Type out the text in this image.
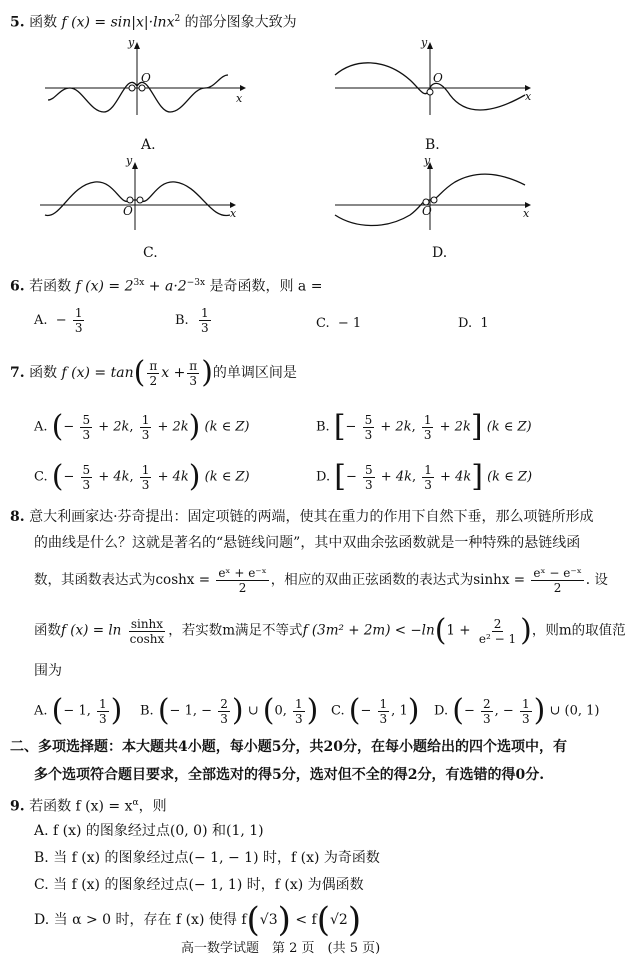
5. 函数 f (x) = sin|x|·lnx$^2$ 的部分图象大致为
y
O
x
A.
y
O
x
B.
y
O	x
C.
y
O	x
D.
6. 若函数 f $(x) = 2^{3x} + a\cdot 2^{-3x}$ 是奇函数，则 a =
A. − $\frac{1}{3}$	B. $\frac{1}{3}$	C. − 1	D. 1
7. 函数 f $(x) = \tan( \frac{\pi}{2}$ $x + \frac{\pi}{3}$ )的单调区间是
A. (− $\frac{5}{3} + 2k$, $\frac{1}{3} + 2k$) (k ∈ Z)	B. [− $\frac{5}{3} + 2k$, $\frac{1}{3} + 2k$] (k ∈ Z)
C. (− $\frac{5}{3} + 4k$, $\frac{1}{3} + 4k$) (k ∈ Z)	D. [− $\frac{5}{3} + 4k$, $\frac{1}{3} + 4k$] (k ∈ Z)
8. 意大利画家达·芬奇提出：固定项链的两端，使其在重力的作用下自然下垂，那么项链所形成
的曲线是什么？这就是著名的“悬链线问题”，其中双曲余弦函数就是一种特殊的悬链线函
数，其函数表达式为$\cosh x = \frac{\text{eˣ + e⁻ˣ}}{2}$ ，相应的双曲正弦函数的表达式为$\sinh x = \frac{\text{eˣ − e⁻ˣ}}{2}$ . 设
函数f $(x) = \ln \frac{\sinh x}{\cosh x}$ ，若实数m满足不等式f $(3m^2 + 2m) < -\ln(1 + \frac{2}{\text{e² − 1}}$ )，则m的取值范
围为
A. (− 1, $\frac{1}{3}$ ) B. (− 1, − $\frac{2}{3}$ ) ∪ (0, $\frac{1}{3}$ ) C. (− $\frac{1}{3}$ , 1) D. (− $\frac{2}{3}$ , − $\frac{1}{3}$ ) ∪ (0, 1)
二、多项选择题：本大题共4小题，每小题5分，共20分，在每小题给出的四个选项中，有
多个选项符合题目要求，全部选对的得5分，选对但不全的得2分，有选错的得0分.
9. 若函数 f $(x) = x^\alpha$，则
A. f (x) 的图象经过点(0, 0) 和(1, 1)
B. 当 f (x) 的图象经过点(− 1, − 1) 时，f (x) 为奇函数
C. 当 f (x) 的图象经过点(− 1, 1) 时，f (x) 为偶函数
D. 当 α > 0 时，存在 f (x) 使得 f(√3) < f(√2)
高一数学试题　第 2 页　(共 5 页)
